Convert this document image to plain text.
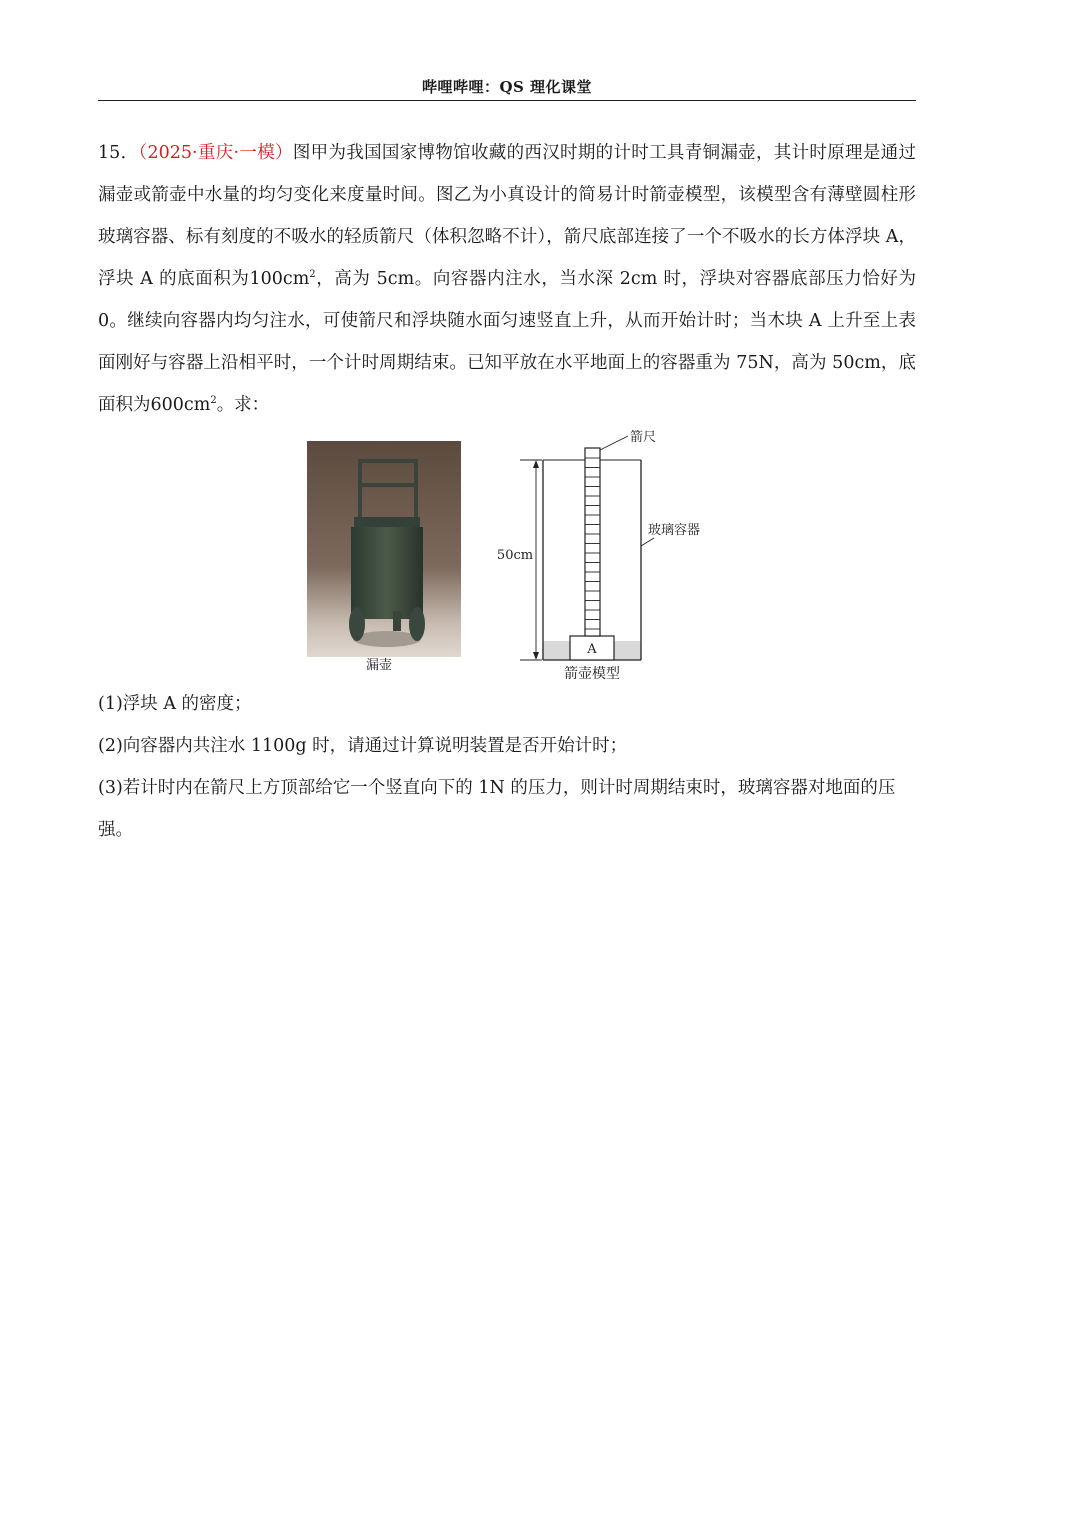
哔哩哔哩：QS 理化课堂
15．（2025·重庆·一模）图甲为我国国家博物馆收藏的西汉时期的计时工具青铜漏壶，其计时原理是通过漏壶或箭壶中水量的均匀变化来度量时间。图乙为小真设计的简易计时箭壶模型，该模型含有薄壁圆柱形玻璃容器、标有刻度的不吸水的轻质箭尺（体积忽略不计），箭尺底部连接了一个不吸水的长方体浮块 A，浮块 A 的底面积为$100cm^2$，高为 5cm。向容器内注水，当水深 2cm 时，浮块对容器底部压力恰好为 0。继续向容器内均匀注水，可使箭尺和浮块随水面匀速竖直上升，从而开始计时；当木块 A 上升至上表面刚好与容器上沿相平时，一个计时周期结束。已知平放在水平地面上的容器重为 75N，高为 50cm，底面积为$600cm^2$。求：
漏壶
A
箭尺
玻璃容器
50cm
箭壶模型
(1)浮块 A 的密度；
(2)向容器内共注水 1100g 时，请通过计算说明装置是否开始计时；
(3)若计时内在箭尺上方顶部给它一个竖直向下的 1N 的压力，则计时周期结束时，玻璃容器对地面的压强。
